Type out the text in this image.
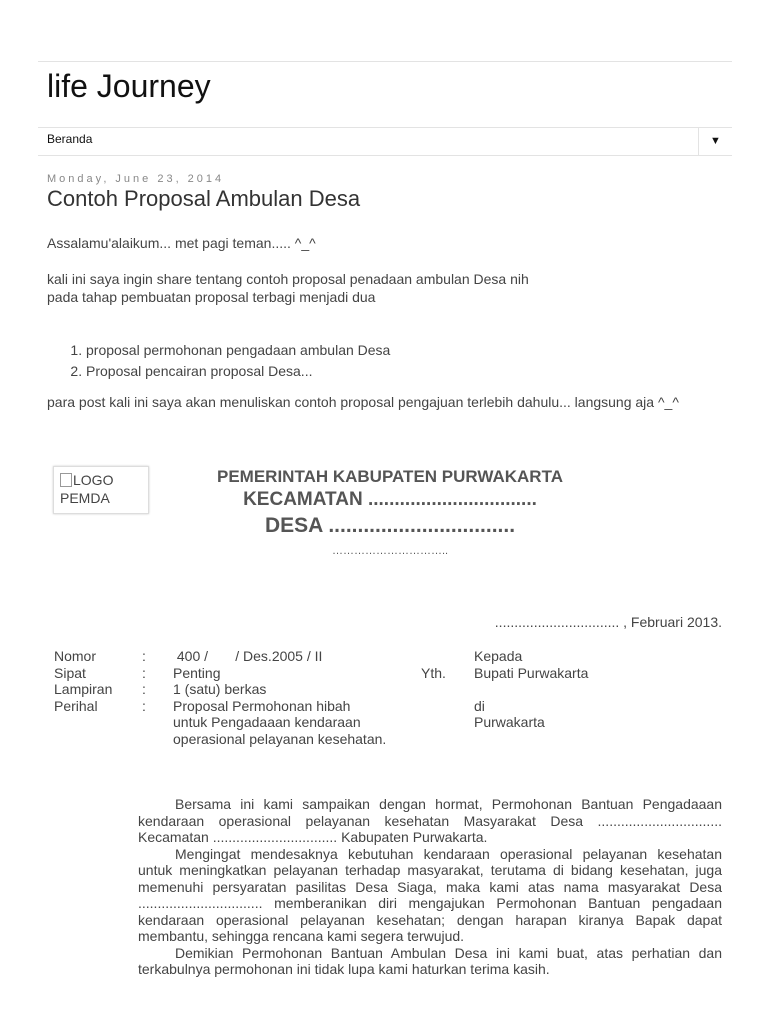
life Journey
Beranda	▼
Monday, June 23, 2014
Contoh Proposal Ambulan Desa
Assalamu'alaikum... met pagi teman..... ^_^
kali ini saya ingin share tentang contoh proposal penadaan ambulan Desa nih
pada tahap pembuatan proposal terbagi menjadi dua
1. proposal permohonan pengadaan ambulan Desa
2. Proposal pencairan proposal Desa...
para post kali ini saya akan menuliskan contoh proposal pengajuan terlebih dahulu... langsung aja ^_^
LOGO PEMDA
PEMERINTAH KABUPATEN PURWAKARTA
KECAMATAN ................................
DESA ................................
…………………………..
................................ , Februari 2013.
Nomor
Sipat
Lampiran
Perihal
:
:
:
:
400 /       / Des.2005 / II
Penting
1 (satu) berkas
Proposal Permohonan hibah
untuk Pengadaaan kendaraan
operasional pelayanan kesehatan.
Yth.
Kepada
Bupati Purwakarta
di
Purwakarta

Bersama ini kami sampaikan dengan hormat, Permohonan Bantuan Pengadaaan kendaraan operasional pelayanan kesehatan Masyarakat Desa ................................ Kecamatan ................................ Kabupaten Purwakarta.

Mengingat mendesaknya kebutuhan kendaraan operasional pelayanan kesehatan untuk meningkatkan pelayanan terhadap masyarakat, terutama di bidang kesehatan, juga memenuhi persyaratan pasilitas Desa Siaga, maka kami atas nama masyarakat Desa ................................ memberanikan diri mengajukan Permohonan Bantuan pengadaan kendaraan operasional pelayanan kesehatan; dengan harapan kiranya Bapak dapat membantu, sehingga rencana kami segera terwujud.

Demikian Permohonan Bantuan Ambulan Desa ini kami buat, atas perhatian dan terkabulnya permohonan ini tidak lupa kami haturkan terima kasih.
